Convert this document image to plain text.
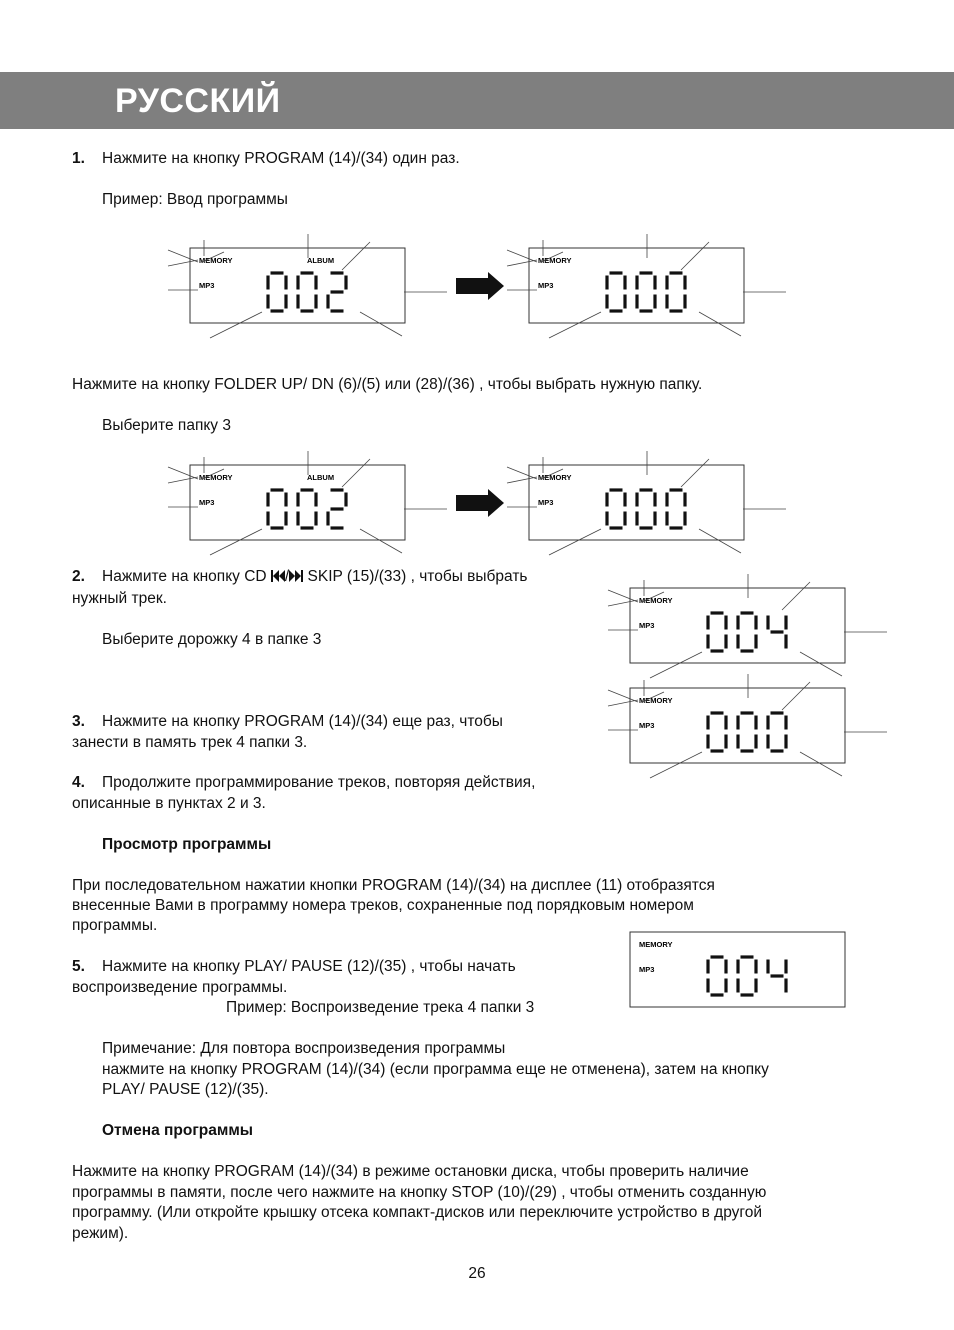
РУССКИЙ
1. Нажмите на кнопку PROGRAM (14)/(34) один раз.
Пример: Ввод программы
MEMORY
MP3
ALBUM	MEMORY
MP3
Нажмите на кнопку FOLDER UP/ DN (6)/(5) или (28)/(36) , чтобы выбрать нужную папку.
Выберите папку 3
MEMORY
MP3
ALBUM	MEMORY
MP3
2. Нажмите на кнопку CD / SKIP (15)/(33) , чтобы выбрать
нужный трек.
Выберите дорожку 4 в папке 3
MEMORY
MP3
MEMORY
MP3
3. Нажмите на кнопку PROGRAM (14)/(34) еще раз, чтобы
занести в память трек 4 папки 3.
4. Продолжите программирование треков, повторяя действия,
описанные в пунктах 2 и 3.
Просмотр программы
При последовательном нажатии кнопки PROGRAM (14)/(34) на дисплее (11) отобразятся
внесенные Вами в программу номера треков, сохраненные под порядковым номером
программы.
5. Нажмите на кнопку PLAY/ PAUSE (12)/(35) , чтобы начать
воспроизведение программы.
Пример: Воспроизведение трека 4 папки 3
MEMORY
MP3
Примечание: Для повтора воспроизведения программы
нажмите на кнопку PROGRAM (14)/(34) (если программа еще не отменена), затем на кнопку
PLAY/ PAUSE (12)/(35).
Отмена программы
Нажмите на кнопку PROGRAM (14)/(34) в режиме остановки диска, чтобы проверить наличие
программы в памяти, после чего нажмите на кнопку STOP (10)/(29) , чтобы отменить созданную
программу. (Или откройте крышку отсека компакт-дисков или переключите устройство в другой
режим).
26
